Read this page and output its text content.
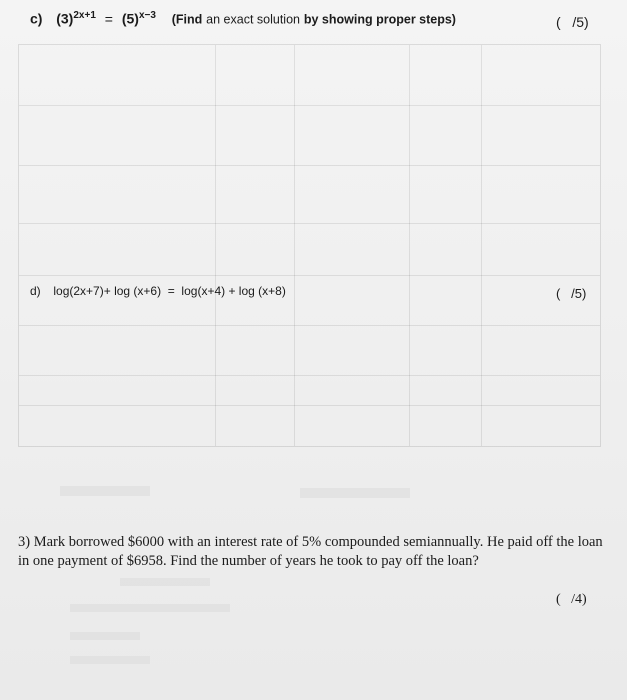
c) $(3)^{2x+1} = (5)^{x-3}$ (Find an exact solution by showing proper steps)	(   /5)
d) log(2x+7)+ log (x+6)  =  log(x+4) + log (x+8)	(   /5)
3) Mark borrowed $6000 with an interest rate of 5% compounded semiannually. He paid off the loan in one payment of $6958. Find the number of years he took to pay off the loan?
(   /4)
